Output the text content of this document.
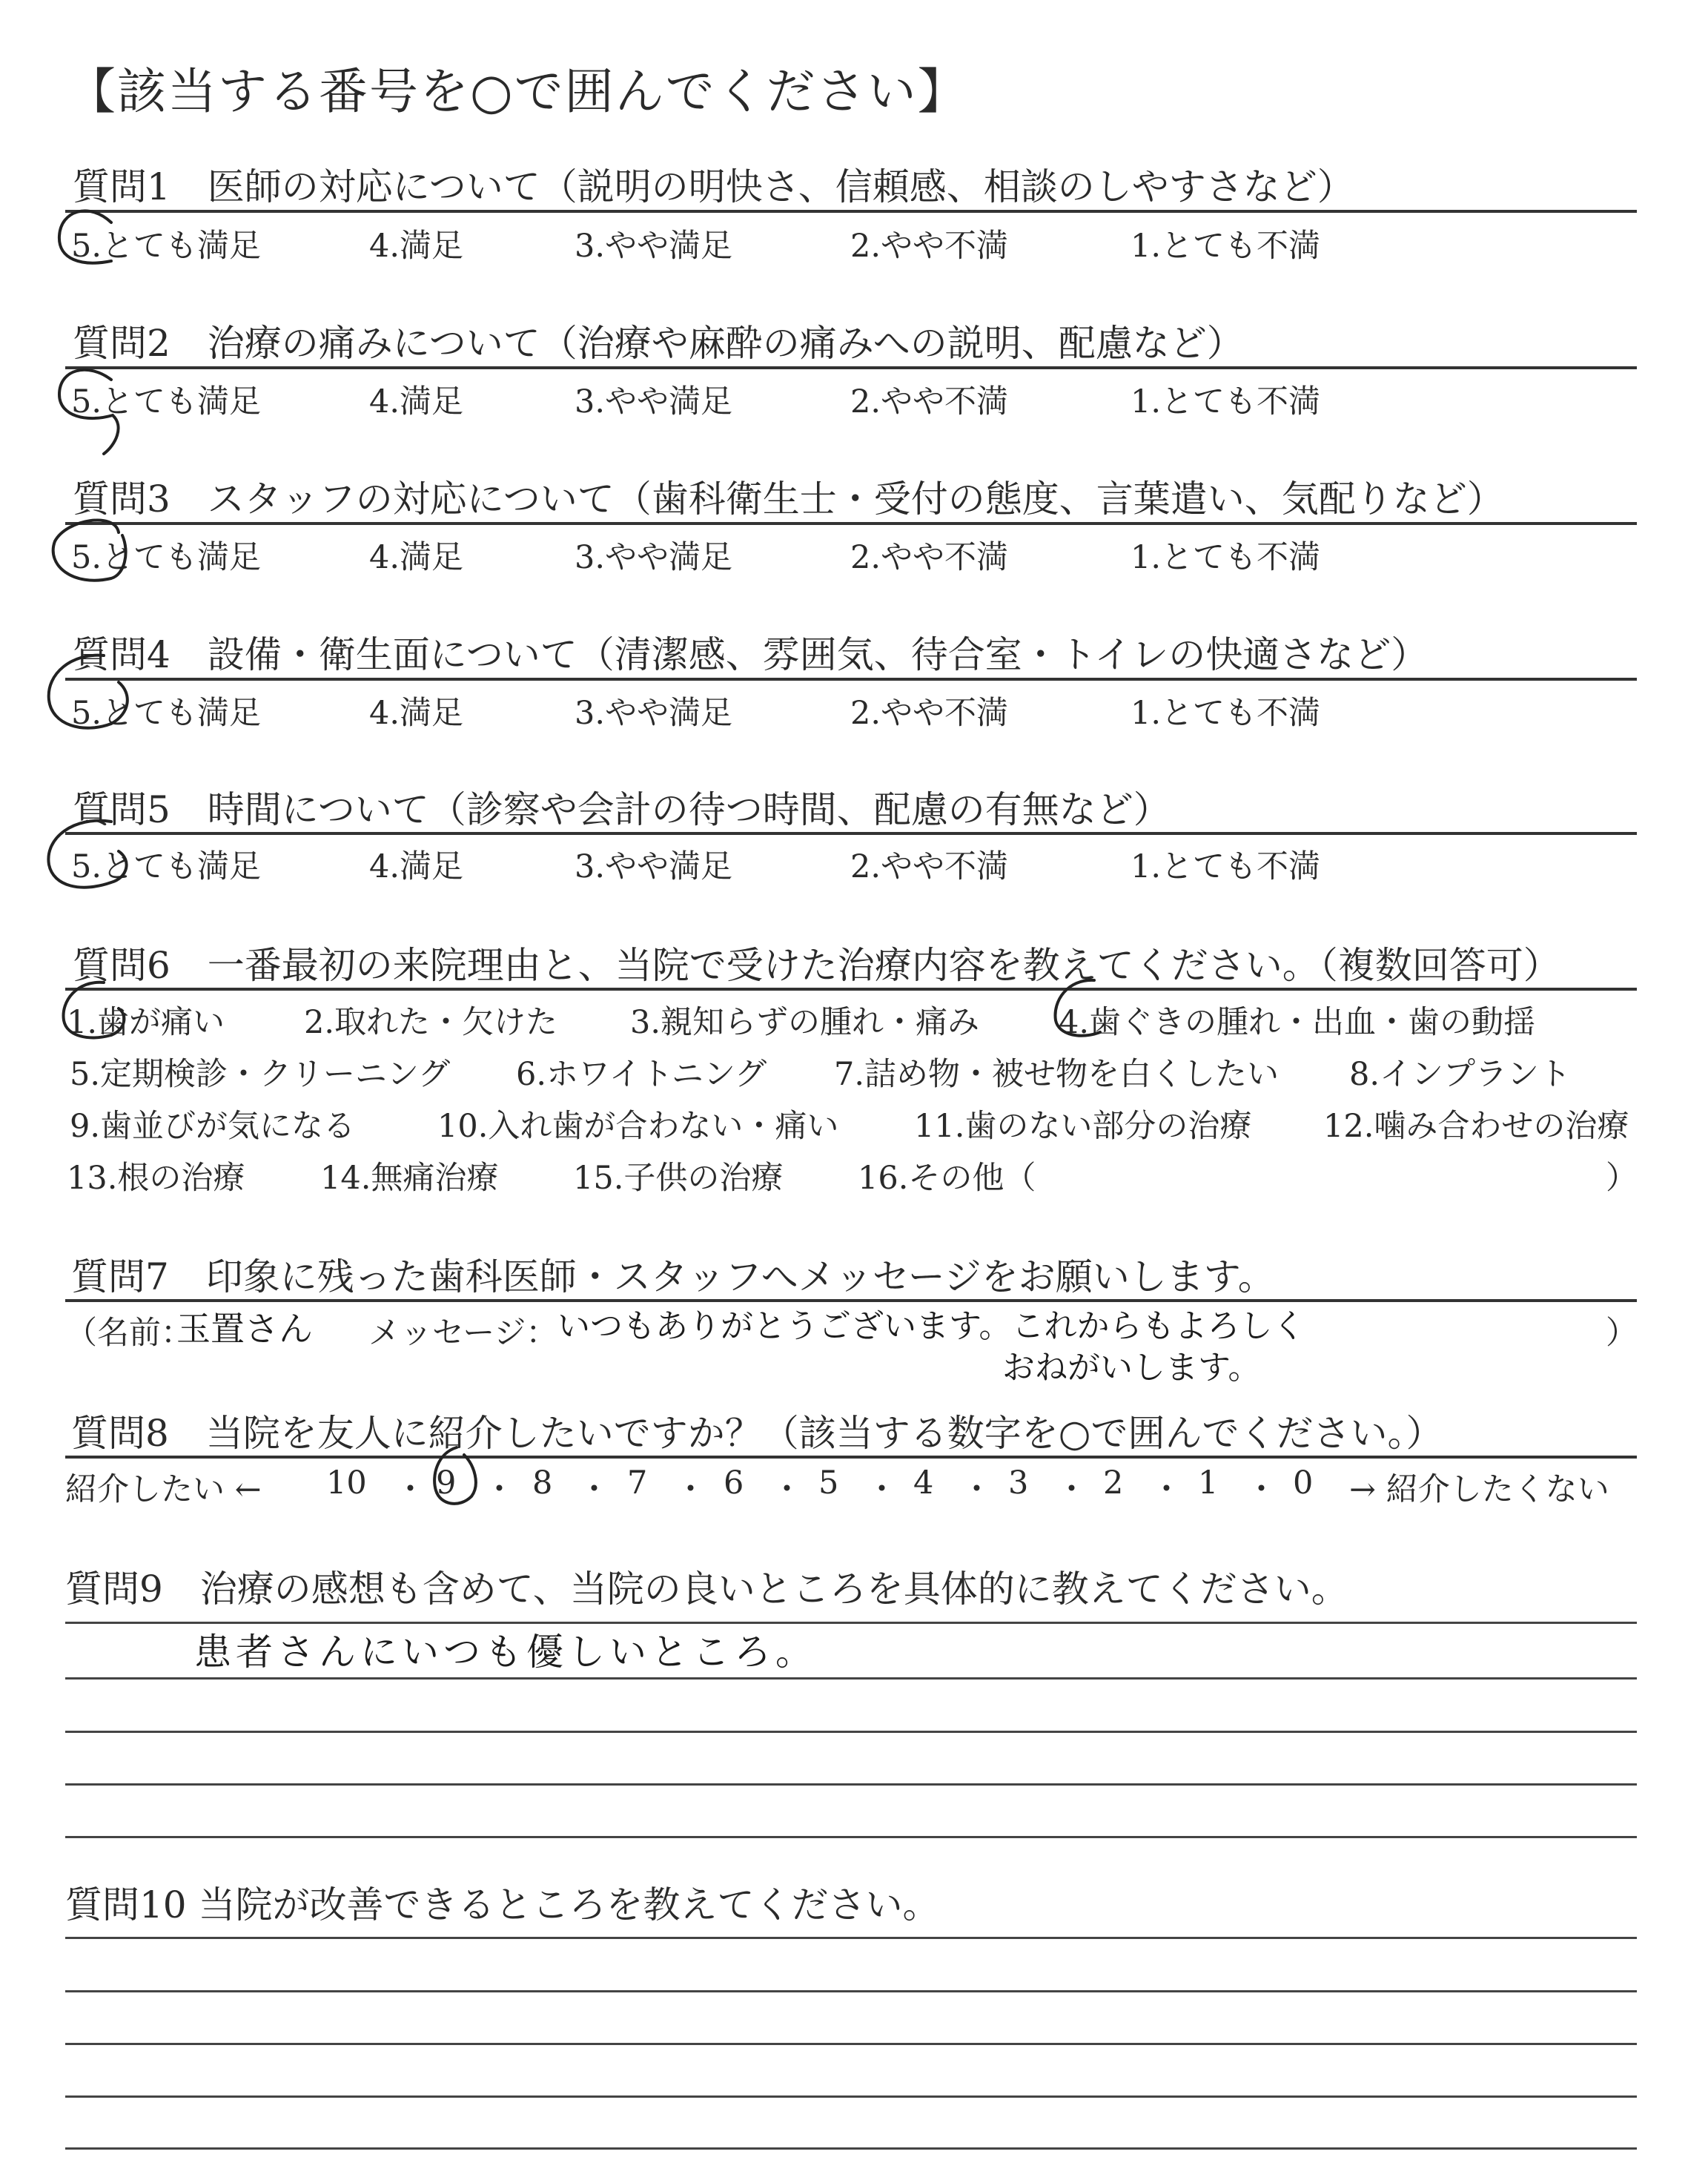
【該当する番号を○で囲んでください】
質問1　医師の対応について（説明の明快さ、信頼感、相談のしやすさなど）
5.とても満足	4.満足	3.やや満足	2.やや不満	1.とても不満
質問2　治療の痛みについて（治療や麻酔の痛みへの説明、配慮など）
5.とても満足	4.満足	3.やや満足	2.やや不満	1.とても不満
質問3　スタッフの対応について（歯科衛生士・受付の態度、言葉遣い、気配りなど）
5.とても満足	4.満足	3.やや満足	2.やや不満	1.とても不満
質問4　設備・衛生面について（清潔感、雰囲気、待合室・トイレの快適さなど）
5.とても満足	4.満足	3.やや満足	2.やや不満	1.とても不満
質問5　時間について（診察や会計の待つ時間、配慮の有無など）
5.とても満足	4.満足	3.やや満足	2.やや不満	1.とても不満
質問6　一番最初の来院理由と、当院で受けた治療内容を教えてください。（複数回答可）
1.歯が痛い 2.取れた・欠けた 3.親知らずの腫れ・痛み 4.歯ぐきの腫れ・出血・歯の動揺
5.定期検診・クリーニング 6.ホワイトニング 7.詰め物・被せ物を白くしたい 8.インプラント
9.歯並びが気になる	10.入れ歯が合わない・痛い 11.歯のない部分の治療 12.噛み合わせの治療
13.根の治療 14.無痛治療 15.子供の治療 16.その他（	）
質問7　印象に残った歯科医師・スタッフへメッセージをお願いします。
（名前：
玉置さん メッセージ： いつもありがとうございます。これからもよろしく
おねがいします。
）
質問8　当院を友人に紹介したいですか？（該当する数字を○で囲んでください。）
紹介したい ← 10 ・ 9 ・ 8 ・ 7 ・ 6 ・ 5 ・ 4 ・ 3 ・ 2 ・ 1 ・ 0 → 紹介したくない
質問9　治療の感想も含めて、当院の良いところを具体的に教えてください。
患者さんにいつも優しいところ。
質問10 当院が改善できるところを教えてください。
